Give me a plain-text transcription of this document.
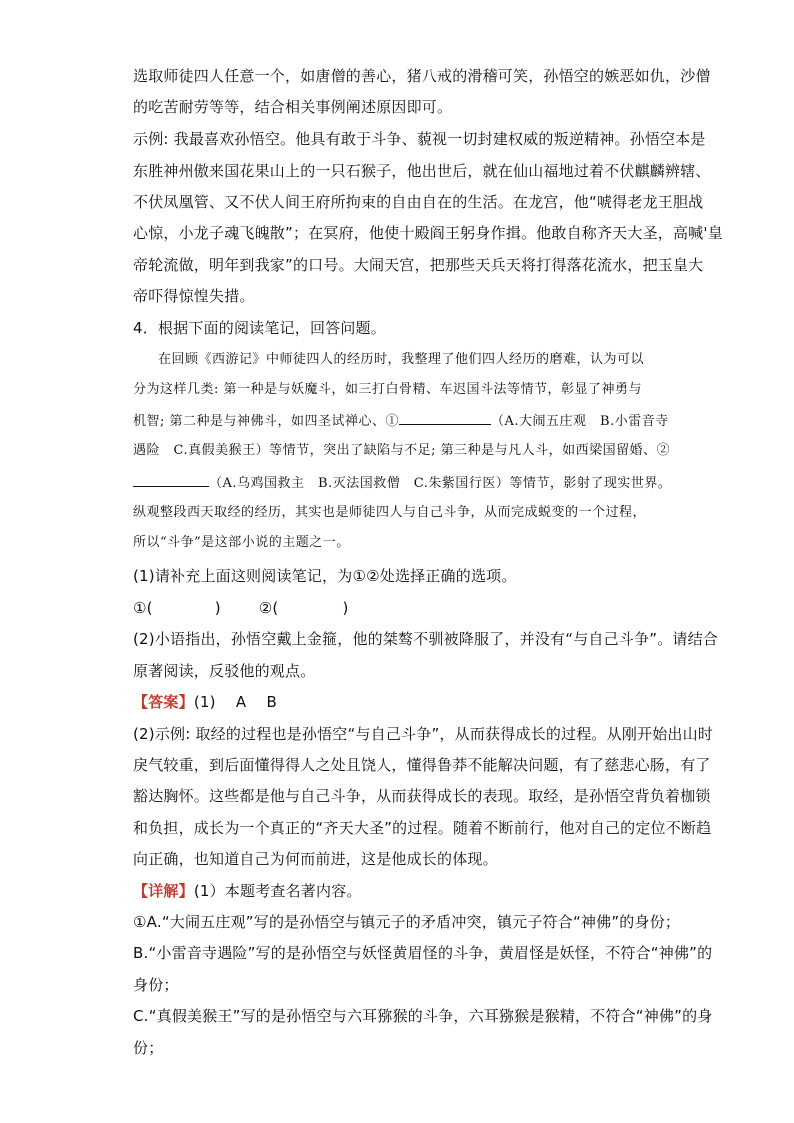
选取师徒四人任意一个，如唐僧的善心，猪八戒的滑稽可笑，孙悟空的嫉恶如仇，沙僧
的吃苦耐劳等等，结合相关事例阐述原因即可。
示例: 我最喜欢孙悟空。他具有敢于斗争、藐视一切封建权威的叛逆精神。孙悟空本是
东胜神州傲来国花果山上的一只石猴子，他出世后，就在仙山福地过着不伏麒麟辨辖、
不伏凤凰管、又不伏人间王府所拘束的自由自在的生活。在龙宫，他“唬得老龙王胆战
心惊，小龙子魂飞魄散”；在冥府，他使十殿阎王躬身作揖。他敢自称齐天大圣，高喊'皇
帝轮流做，明年到我家”的口号。大闹天宫，把那些天兵天将打得落花流水，把玉皇大
帝吓得惊惶失措。
4．根据下面的阅读笔记，回答问题。
在回顾《西游记》中师徒四人的经历时，我整理了他们四人经历的磨难，认为可以
分为这样几类: 第一种是与妖魔斗，如三打白骨精、车迟国斗法等情节，彰显了神勇与
机智; 第二种是与神佛斗，如四圣试禅心、①	（A.大闹五庄观　B.小雷音寺
遇险　C.真假美猴王）等情节，突出了缺陷与不足; 第三种是与凡人斗，如西梁国留婚、②
（A.乌鸡国救主　B.灭法国救僧　C.朱紫国行医）等情节，影射了现实世界。
纵观整段西天取经的经历，其实也是师徒四人与自己斗争，从而完成蜕变的一个过程，
所以“斗争”是这部小说的主题之一。
(1)请补充上面这则阅读笔记，为①②处选择正确的选项。
①(	)	②(	)
(2)小语指出，孙悟空戴上金箍，他的桀骜不驯被降服了，并没有“与自己斗争”。请结合
原著阅读，反驳他的观点。
【答案】(1)　 A　 B
(2)示例: 取经的过程也是孙悟空“与自己斗争”，从而获得成长的过程。从刚开始出山时
戾气较重，到后面懂得得人之处且饶人，懂得鲁莽不能解决问题，有了慈悲心肠，有了
豁达胸怀。这些都是他与自己斗争，从而获得成长的表现。取经，是孙悟空背负着枷锁
和负担，成长为一个真正的“齐天大圣”的过程。随着不断前行，他对自己的定位不断趋
向正确，也知道自己为何而前进，这是他成长的体现。
【详解】(1）本题考查名著内容。
①A.“大闹五庄观”写的是孙悟空与镇元子的矛盾冲突，镇元子符合“神佛”的身份；
B.“小雷音寺遇险”写的是孙悟空与妖怪黄眉怪的斗争，黄眉怪是妖怪，不符合“神佛”的
身份；
C.“真假美猴王”写的是孙悟空与六耳猕猴的斗争，六耳猕猴是猴精，不符合“神佛”的身
份；
